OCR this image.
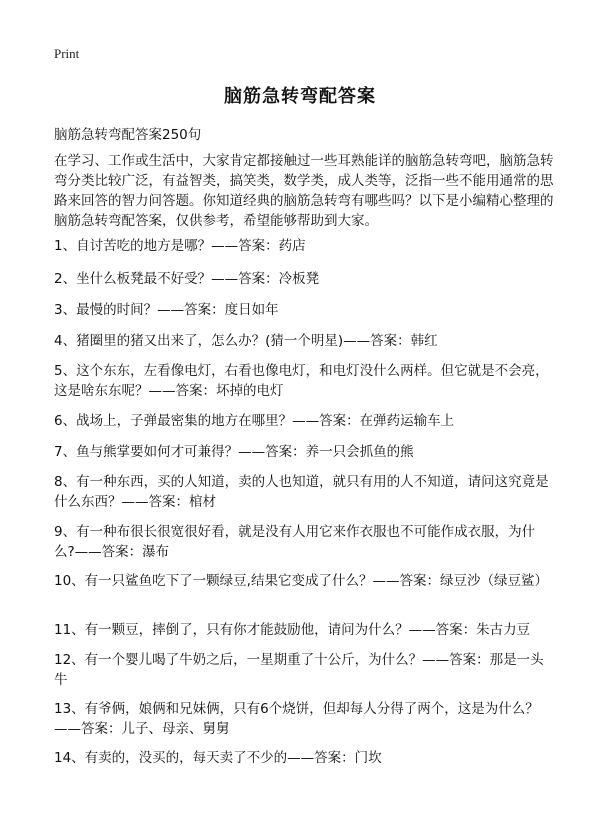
Print
脑筋急转弯配答案
脑筋急转弯配答案250句
在学习、工作或生活中，大家肯定都接触过一些耳熟能详的脑筋急转弯吧，脑筋急转弯分类比较广泛，有益智类，搞笑类，数学类，成人类等，泛指一些不能用通常的思路来回答的智力问答题。你知道经典的脑筋急转弯有哪些吗？以下是小编精心整理的脑筋急转弯配答案，仅供参考，希望能够帮助到大家。
1、自讨苦吃的地方是哪？——答案：药店
2、坐什么板凳最不好受？——答案：冷板凳
3、最慢的时间？——答案：度日如年
4、猪圈里的猪又出来了，怎么办？(猜一个明星)——答案：韩红
5、这个东东，左看像电灯，右看也像电灯，和电灯没什么两样。但它就是不会亮，这是啥东东呢？——答案：坏掉的电灯
6、战场上，子弹最密集的地方在哪里？——答案：在弹药运输车上
7、鱼与熊掌要如何才可兼得？——答案：养一只会抓鱼的熊
8、有一种东西，买的人知道，卖的人也知道，就只有用的人不知道，请问这究竟是什么东西？——答案：棺材
9、有一种布很长很宽很好看，就是没有人用它来作衣服也不可能作成衣服，为什么?——答案：瀑布
10、有一只鲨鱼吃下了一颗绿豆,结果它变成了什么？——答案：绿豆沙（绿豆鲨）
11、有一颗豆，摔倒了，只有你才能鼓励他，请问为什么？——答案：朱古力豆
12、有一个婴儿喝了牛奶之后，一星期重了十公斤，为什么？——答案：那是一头牛
13、有爷俩，娘俩和兄妹俩，只有6个烧饼，但却每人分得了两个，这是为什么？——答案：儿子、母亲、舅舅
14、有卖的，没买的，每天卖了不少的——答案：门坎
